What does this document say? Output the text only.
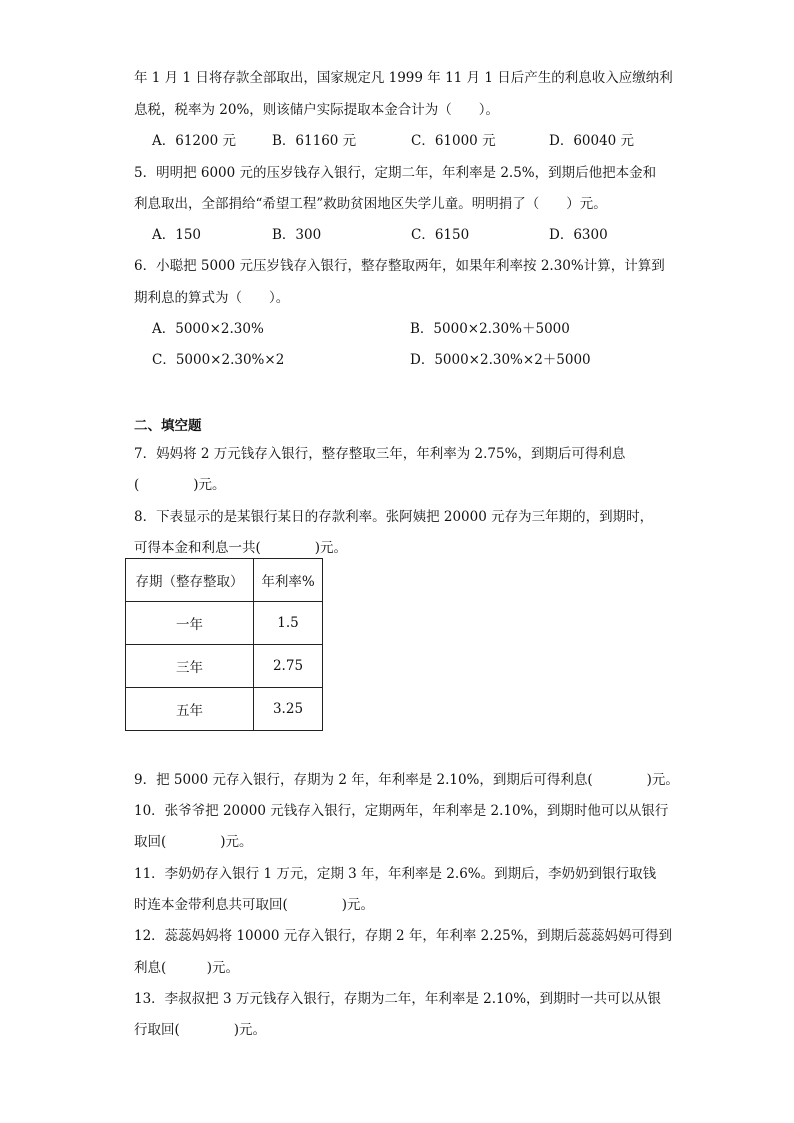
年 1 月 1 日将存款全部取出，国家规定凡 1999 年 11 月 1 日后产生的利息收入应缴纳利
息税，税率为 20%，则该储户实际提取本金合计为（　　）。
A．61200 元	B．61160 元	C．61000 元	D．60040 元
5．明明把 6000 元的压岁钱存入银行，定期二年，年利率是 2.5%，到期后他把本金和
利息取出，全部捐给“希望工程”救助贫困地区失学儿童。明明捐了（　　）元。
A．150	B．300	C．6150	D．6300
6．小聪把 5000 元压岁钱存入银行，整存整取两年，如果年利率按 2.30%计算，计算到
期利息的算式为（　　）。
A．5000×2.30%	B．5000×2.30%＋5000
C．5000×2.30%×2	D．5000×2.30%×2＋5000
二、填空题
7．妈妈将 2 万元钱存入银行，整存整取三年，年利率为 2.75%，到期后可得利息
(　　　　)元。
8．下表显示的是某银行某日的存款利率。张阿姨把 20000 元存为三年期的，到期时，
可得本金和利息一共(　　　　)元。
存期（整存整取）	年利率%
一年	1.5
三年	2.75
五年	3.25
9．把 5000 元存入银行，存期为 2 年，年利率是 2.10%，到期后可得利息(　　　　)元。
10．张爷爷把 20000 元钱存入银行，定期两年，年利率是 2.10%，到期时他可以从银行
取回(　　　　)元。
11．李奶奶存入银行 1 万元，定期 3 年，年利率是 2.6%。到期后，李奶奶到银行取钱
时连本金带利息共可取回(　　　　)元。
12．蕊蕊妈妈将 10000 元存入银行，存期 2 年，年利率 2.25%，到期后蕊蕊妈妈可得到
利息(　　　)元。
13．李叔叔把 3 万元钱存入银行，存期为二年，年利率是 2.10%，到期时一共可以从银
行取回(　　　　)元。
